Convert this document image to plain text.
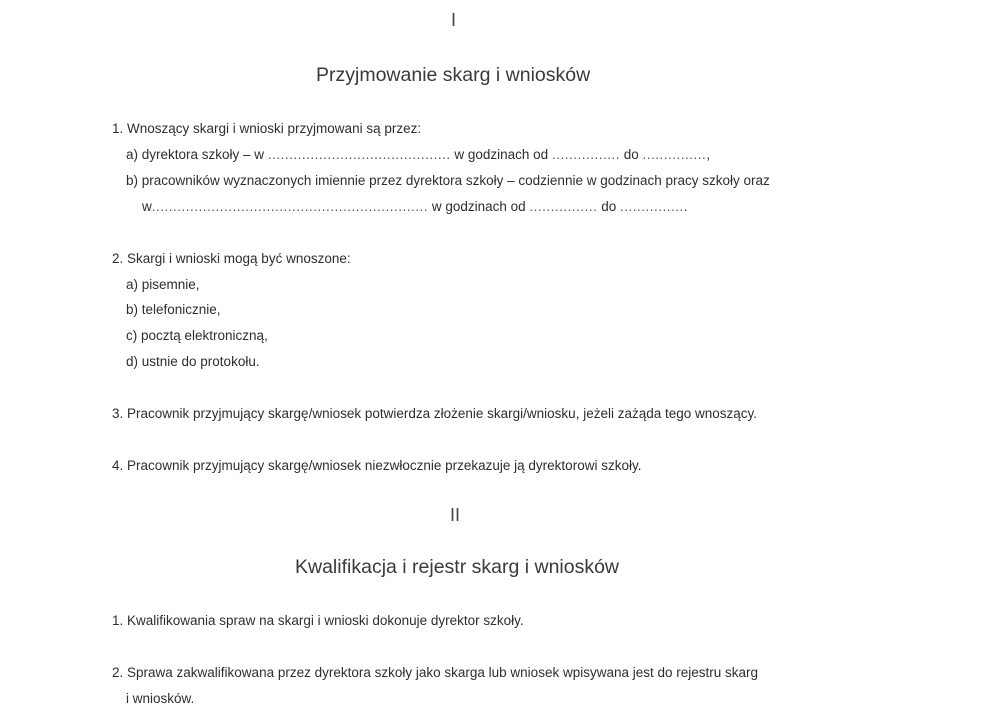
I
Przyjmowanie skarg i wniosków
1. Wnoszący skargi i wnioski przyjmowani są przez:
a) dyrektora szkoły – w ........................................... w godzinach od ................ do ...............,
b) pracowników wyznaczonych imiennie przez dyrektora szkoły – codziennie w godzinach pracy szkoły oraz
w................................................................. w godzinach od ................ do ................
2. Skargi i wnioski mogą być wnoszone:
a) pisemnie,
b) telefonicznie,
c) pocztą elektroniczną,
d) ustnie do protokołu.
3. Pracownik przyjmujący skargę/wniosek potwierdza złożenie skargi/wniosku, jeżeli zażąda tego wnoszący.
4. Pracownik przyjmujący skargę/wniosek niezwłocznie przekazuje ją dyrektorowi szkoły.
II
Kwalifikacja i rejestr skarg i wniosków
1. Kwalifikowania spraw na skargi i wnioski dokonuje dyrektor szkoły.
2. Sprawa zakwalifikowana przez dyrektora szkoły jako skarga lub wniosek wpisywana jest do rejestru skarg
i wniosków.
